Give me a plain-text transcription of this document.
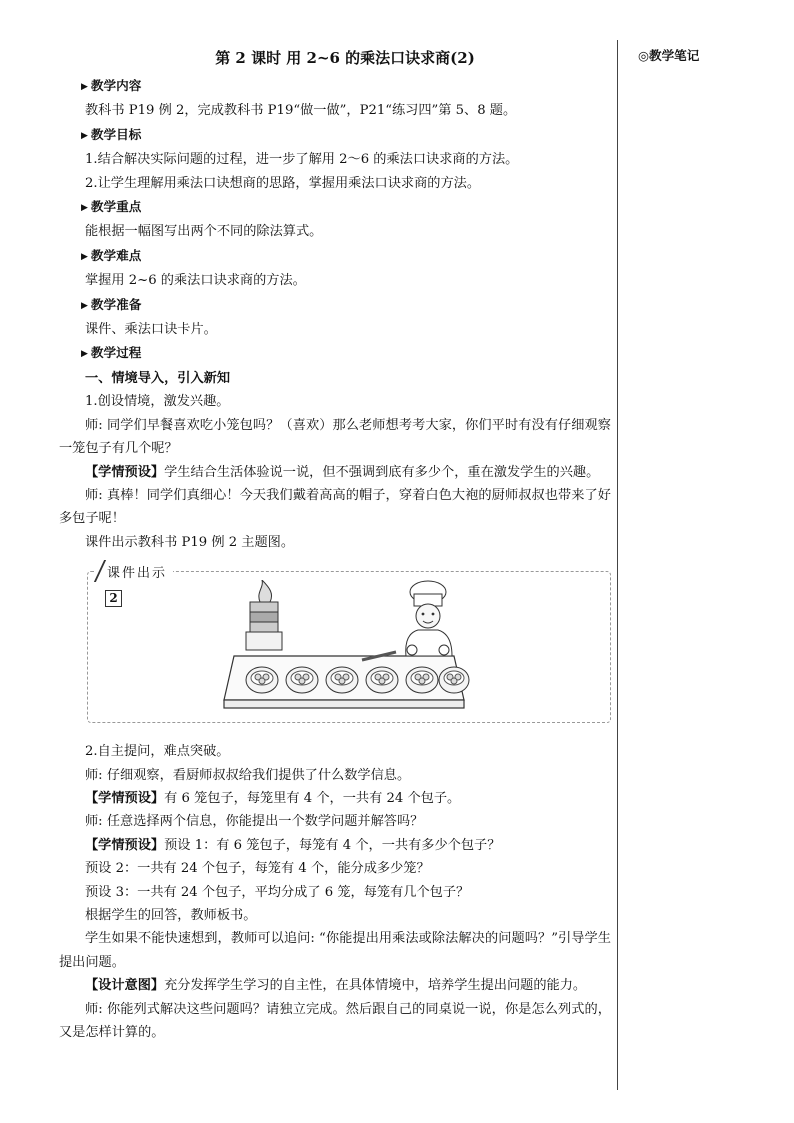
第 2 课时 用 2~6 的乘法口诀求商(2)
▶ 教学内容
教科书 P19 例 2，完成教科书 P19“做一做”，P21“练习四”第 5、8 题。
▶ 教学目标
1.结合解决实际问题的过程，进一步了解用 2～6 的乘法口诀求商的方法。
2.让学生理解用乘法口诀想商的思路，掌握用乘法口诀求商的方法。
▶ 教学重点
能根据一幅图写出两个不同的除法算式。
▶ 教学难点
掌握用 2~6 的乘法口诀求商的方法。
▶ 教学准备
课件、乘法口诀卡片。
▶ 教学过程
一、情境导入，引入新知
1.创设情境，激发兴趣。
师: 同学们早餐喜欢吃小笼包吗？（喜欢）那么老师想考考大家，你们平时有没有仔细观察一笼包子有几个呢？
【学情预设】学生结合生活体验说一说，但不强调到底有多少个，重在激发学生的兴趣。
师: 真棒！同学们真细心！今天我们戴着高高的帽子，穿着白色大袍的厨师叔叔也带来了好多包子呢！
课件出示教科书 P19 例 2 主题图。
课件出示
2
2.自主提问，难点突破。
师: 仔细观察，看厨师叔叔给我们提供了什么数学信息。
【学情预设】有 6 笼包子，每笼里有 4 个，一共有 24 个包子。
师: 任意选择两个信息，你能提出一个数学问题并解答吗？
【学情预设】预设 1：有 6 笼包子，每笼有 4 个，一共有多少个包子？
预设 2：一共有 24 个包子，每笼有 4 个，能分成多少笼？
预设 3：一共有 24 个包子，平均分成了 6 笼，每笼有几个包子？
根据学生的回答，教师板书。
学生如果不能快速想到，教师可以追问: “你能提出用乘法或除法解决的问题吗？”引导学生提出问题。
【设计意图】充分发挥学生学习的自主性，在具体情境中，培养学生提出问题的能力。
师: 你能列式解决这些问题吗？请独立完成。然后跟自己的同桌说一说，你是怎么列式的，又是怎样计算的。
◎教学笔记
